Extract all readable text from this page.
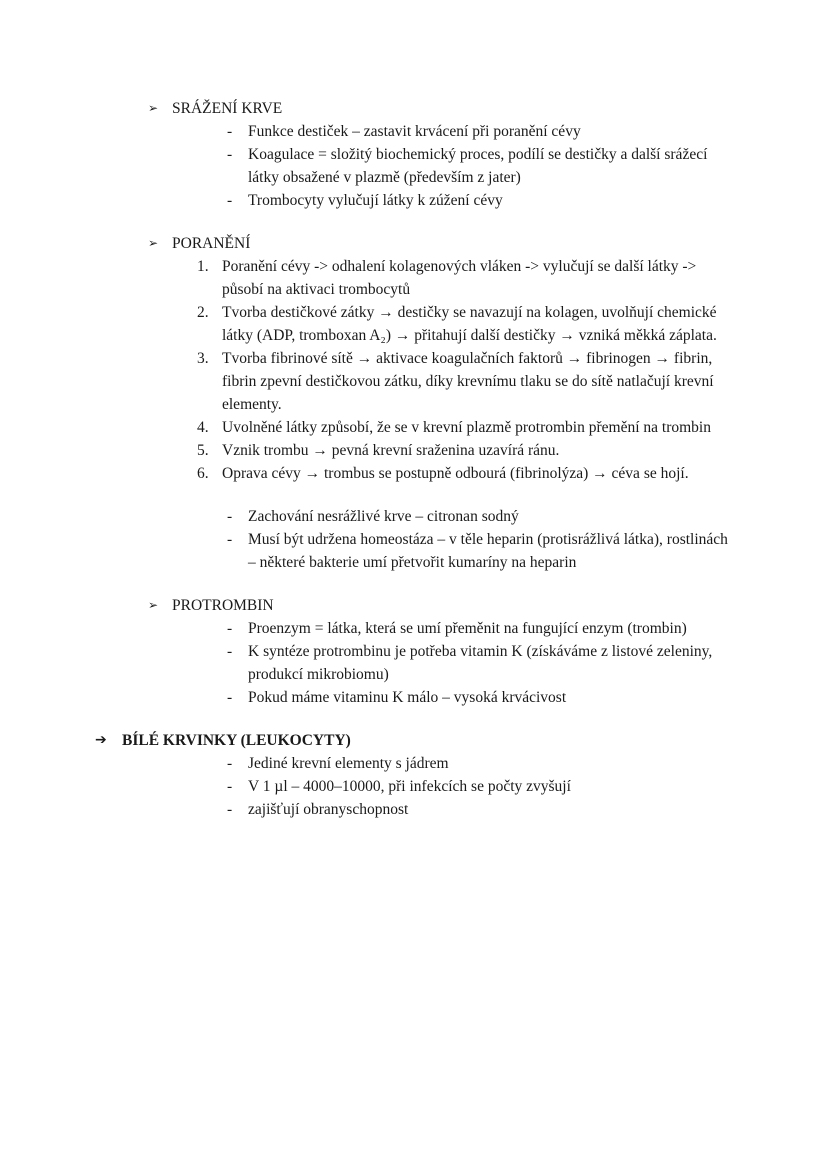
➢ SRÁŽENÍ KRVE
- Funkce destiček – zastavit krvácení při poranění cévy
- Koagulace = složitý biochemický proces, podílí se destičky a další srážecí látky obsažené v plazmě (především z jater)
- Trombocyty vylučují látky k zúžení cévy
➢ PORANĚNÍ
1. Poranění cévy -> odhalení kolagenových vláken -> vylučují se další látky -> působí na aktivaci trombocytů
2. Tvorba destičkové zátky → destičky se navazují na kolagen, uvolňují chemické látky (ADP, tromboxan A₂) → přitahují další destičky → vzniká měkká záplata.
3. Tvorba fibrinové sítě → aktivace koagulačních faktorů → fibrinogen → fibrin, fibrin zpevní destičkovou zátku, díky krevnímu tlaku se do sítě natlačují krevní elementy.
4. Uvolněné látky způsobí, že se v krevní plazmě protrombin přemění na trombin
5. Vznik trombu → pevná krevní sraženina uzavírá ránu.
6. Oprava cévy → trombus se postupně odbourá (fibrinolýza) → céva se hojí.
- Zachování nesrážlivé krve – citronan sodný
- Musí být udržena homeostáza – v těle heparin (protisrážlivá látka), rostlinách – některé bakterie umí přetvořit kumaríny na heparin
➢ PROTROMBIN
- Proenzym = látka, která se umí přeměnit na fungující enzym (trombin)
- K syntéze protrombinu je potřeba vitamin K (získáváme z listové zeleniny, produkcí mikrobiomu)
- Pokud máme vitaminu K málo – vysoká krvácivost
➔ BÍLÉ KRVINKY (LEUKOCYTY)
- Jediné krevní elementy s jádrem
- V 1 µl – 4000–10000, při infekcích se počty zvyšují
- zajišťují obranyschopnost
